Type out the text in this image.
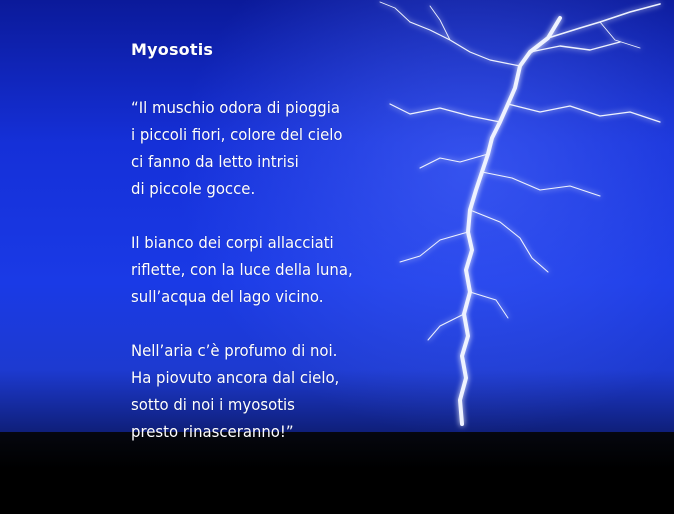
Myosotis
“Il muschio odora di pioggia
i piccoli fiori, colore del cielo
ci fanno da letto intrisi
di piccole gocce.
Il bianco dei corpi allacciati
riflette, con la luce della luna,
sull’acqua del lago vicino.
Nell’aria c’è profumo di noi.
Ha piovuto ancora dal cielo,
sotto di noi i myosotis
presto rinasceranno!”
